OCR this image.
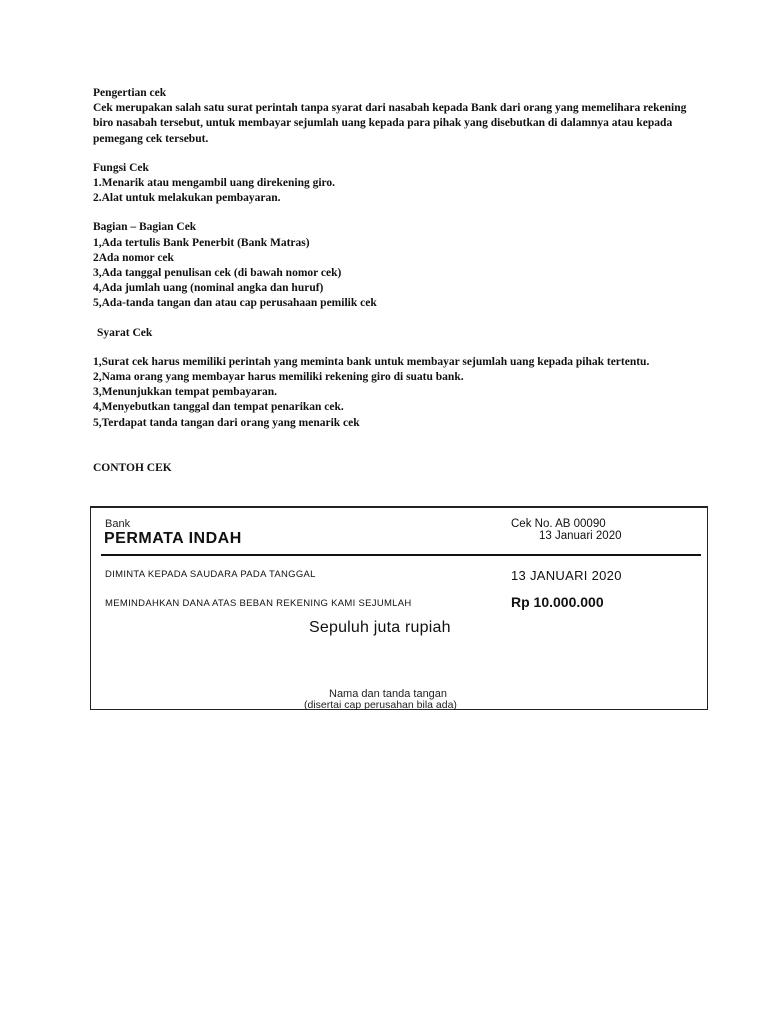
Pengertian cek

Cek merupakan salah satu surat perintah tanpa syarat dari nasabah kepada Bank dari orang yang memelihara rekening biro nasabah tersebut, untuk membayar sejumlah uang kepada para pihak yang disebutkan di dalamnya atau kepada pemegang cek tersebut.

Fungsi Cek

1.Menarik atau mengambil uang direkening giro.

2.Alat untuk melakukan pembayaran.

Bagian – Bagian Cek

1,Ada tertulis Bank Penerbit (Bank Matras)

2Ada nomor cek

3,Ada tanggal penulisan cek (di bawah nomor cek)

4,Ada jumlah uang (nominal angka dan huruf)

5,Ada-tanda tangan dan atau cap perusahaan pemilik cek

Syarat Cek

1,Surat cek harus memiliki perintah yang meminta bank untuk membayar sejumlah uang kepada pihak tertentu.

2,Nama orang yang membayar harus memiliki rekening giro di suatu bank.

3,Menunjukkan tempat pembayaran.

4,Menyebutkan tanggal dan tempat penarikan cek.

5,Terdapat tanda tangan dari orang yang menarik cek

CONTOH CEK

Bank
PERMATA INDAH
Cek No. AB 00090
13 Januari 2020
DIMINTA KEPADA SAUDARA PADA TANGGAL	13 JANUARI 2020
MEMINDAHKAN DANA ATAS BEBAN REKENING KAMI SEJUMLAH	Rp 10.000.000
Sepuluh juta rupiah
Nama dan tanda tangan
(disertai cap perusahan bila ada)
